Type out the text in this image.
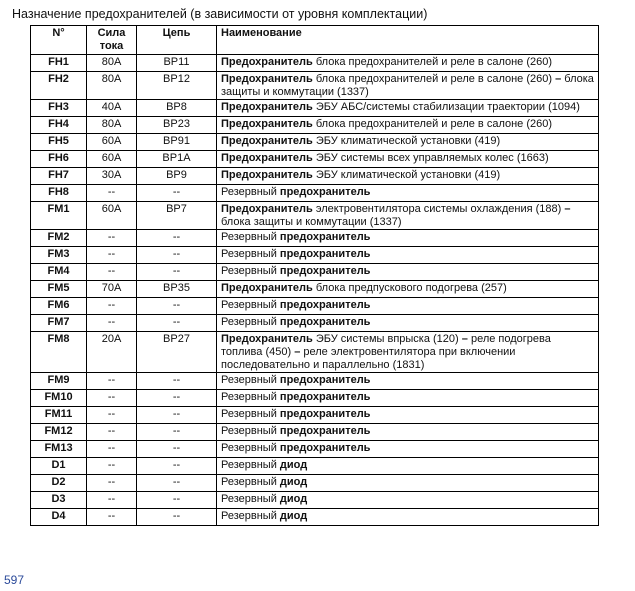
Назначение предохранителей (в зависимости от уровня комплектации)
N°	Сила тока	Цепь	Наименование
FH1	80A	BP11	Предохранитель блока предохранителей и реле в салоне (260)
FH2	80A	BP12	Предохранитель блока предохранителей и реле в салоне (260) – блока защиты и коммутации (1337)
FH3	40A	BP8	Предохранитель ЭБУ АБС/системы стабилизации траектории (1094)
FH4	80A	BP23	Предохранитель блока предохранителей и реле в салоне (260)
FH5	60A	BP91	Предохранитель ЭБУ климатической установки (419)
FH6	60A	BP1A	Предохранитель ЭБУ системы всех управляемых колес (1663)
FH7	30A	BP9	Предохранитель ЭБУ климатической установки (419)
FH8	--	--	Резервный предохранитель
FM1	60A	BP7	Предохранитель электровентилятора системы охлаждения (188) – блока защиты и коммутации (1337)
FM2	--	--	Резервный предохранитель
FM3	--	--	Резервный предохранитель
FM4	--	--	Резервный предохранитель
FM5	70A	BP35	Предохранитель блока предпускового подогрева (257)
FM6	--	--	Резервный предохранитель
FM7	--	--	Резервный предохранитель
FM8	20A	BP27	Предохранитель ЭБУ системы впрыска (120) – реле подогрева топлива (450) – реле электровентилятора при включении последовательно и параллельно (1831)
FM9	--	--	Резервный предохранитель
FM10	--	--	Резервный предохранитель
FM11	--	--	Резервный предохранитель
FM12	--	--	Резервный предохранитель
FM13	--	--	Резервный предохранитель
D1	--	--	Резервный диод
D2	--	--	Резервный диод
D3	--	--	Резервный диод
D4	--	--	Резервный диод
597
